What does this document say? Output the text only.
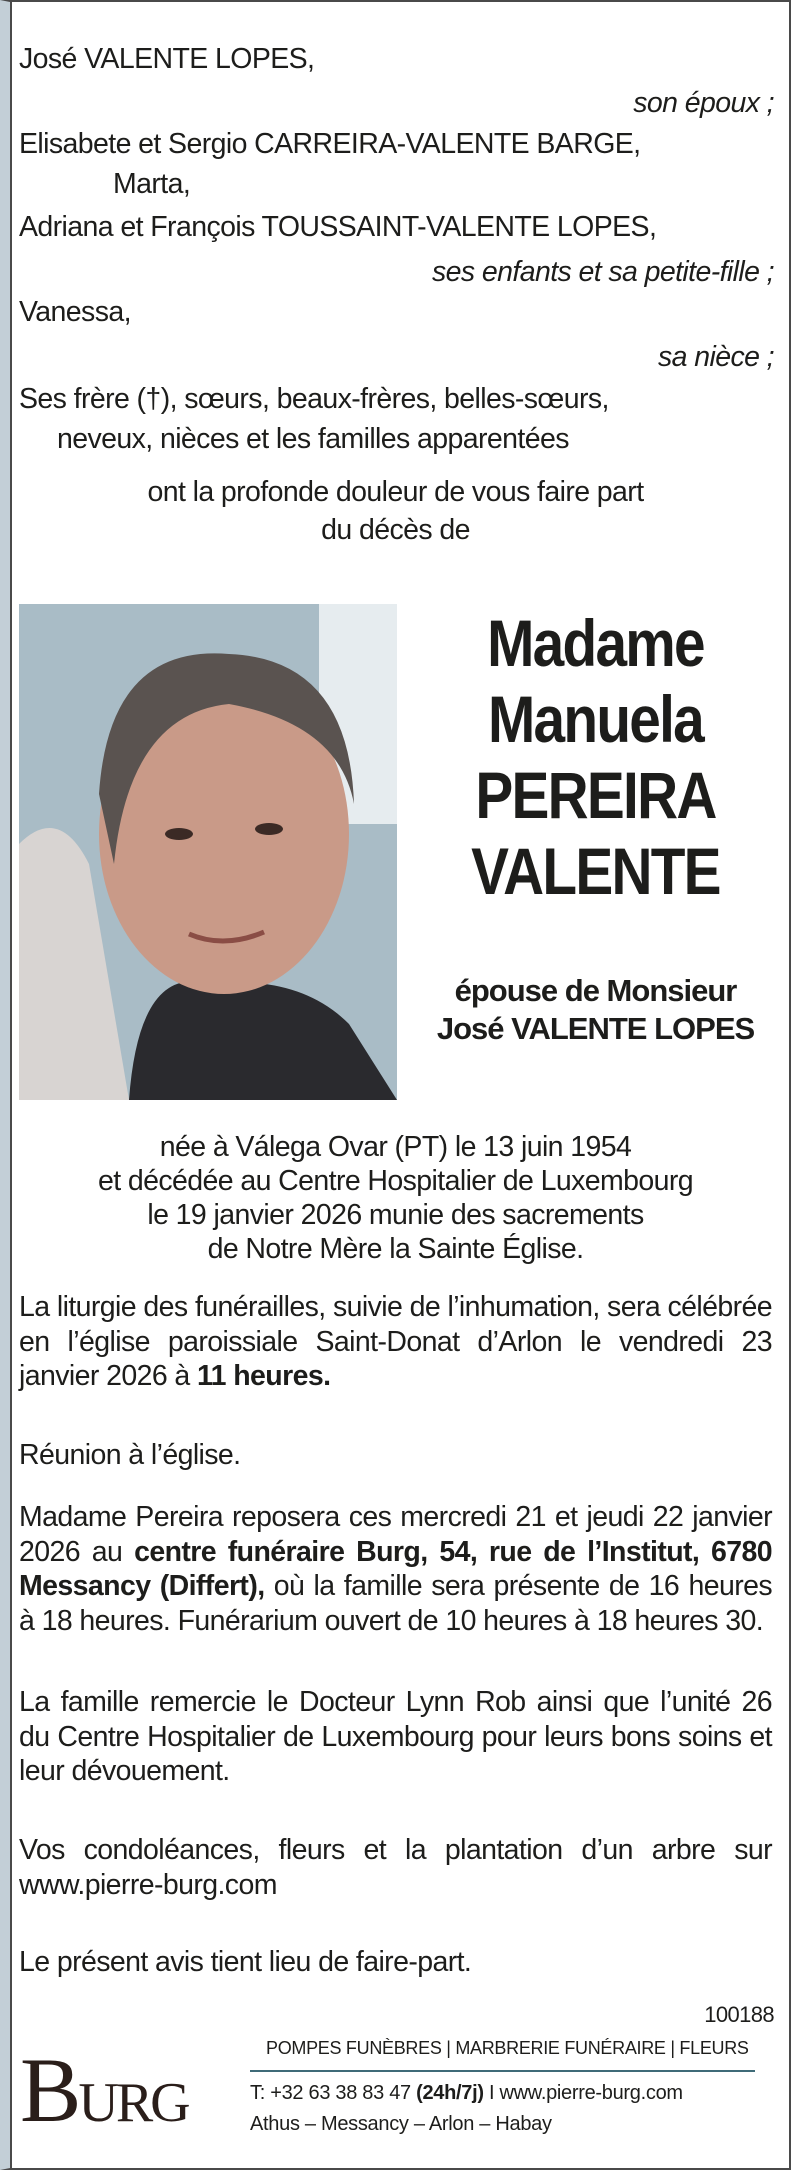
José VALENTE LOPES,
son époux ;
Elisabete et Sergio CARREIRA-VALENTE BARGE,
Marta,
Adriana et François TOUSSAINT-VALENTE LOPES,
ses enfants et sa petite-fille ;
Vanessa,
sa nièce ;
Ses frère (†), sœurs, beaux-frères, belles-sœurs,
neveux, nièces et les familles apparentées
ont la profonde douleur de vous faire part
du décès de
Madame
Manuela
PEREIRA
VALENTE
épouse de Monsieur
José VALENTE LOPES
née à Válega Ovar (PT) le 13 juin 1954
et décédée au Centre Hospitalier de Luxembourg
le 19 janvier 2026 munie des sacrements
de Notre Mère la Sainte Église.
La liturgie des funérailles, suivie de l’inhumation, sera célébrée en l’église paroissiale Saint-Donat d’Arlon le vendredi 23 janvier 2026 à 11 heures.
Réunion à l’église.
Madame Pereira reposera ces mercredi 21 et jeudi 22 janvier 2026 au centre funéraire Burg, 54, rue de l’Institut, 6780 Messancy (Differt), où la famille sera présente de 16 heures à 18 heures. Funérarium ouvert de 10 heures à 18 heures 30.
La famille remercie le Docteur Lynn Rob ainsi que l’unité 26 du Centre Hospitalier de Luxembourg pour leurs bons soins et leur dévouement.
Vos condoléances, fleurs et la plantation d’un arbre sur www.pierre-burg.com
Le présent avis tient lieu de faire-part.
100188
BURG
POMPES FUNÈBRES | MARBRERIE FUNÉRAIRE | FLEURS
T: +32 63 38 83 47 (24h/7j) I www.pierre-burg.com
Athus – Messancy – Arlon – Habay
